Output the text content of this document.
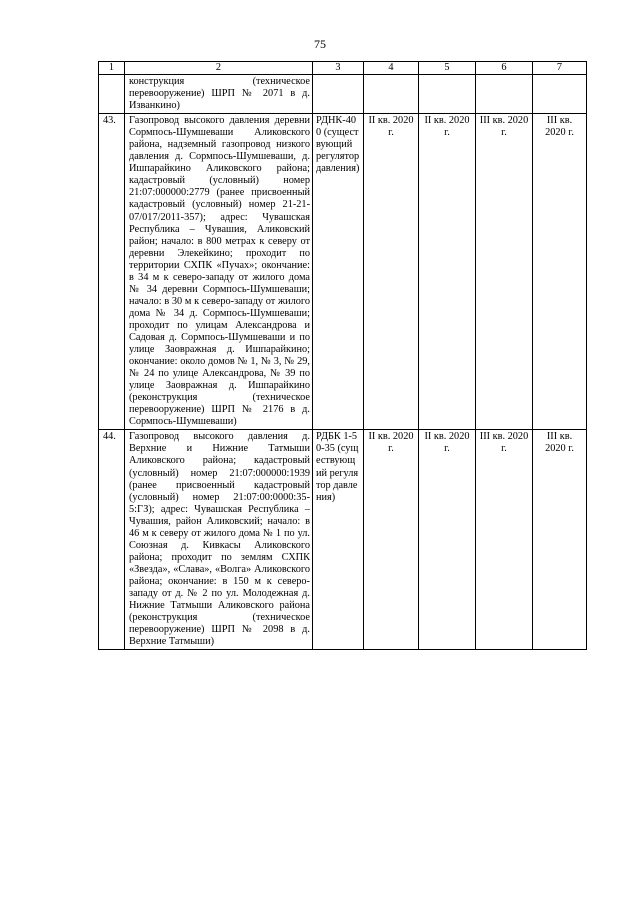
75
1	2	3	4	5	6	7
	конструкция (техническое перевооружение) ШРП № 2071 в д. Изванкино)					
43.	Газопровод высокого давления деревни Сормпось-Шумшеваши Аликовского района, надземный газопровод низкого давления д. Сормпось-Шумшеваши, д. Ишпарайкино Аликовского района; кадастровый (условный) номер 21:07:000000:2779 (ранее присвоенный кадастровый (условный) номер 21-21-07/017/2011-357); адрес: Чувашская Республика – Чувашия, Аликовский район; начало: в 800 метрах к северу от деревни Элекейкино; проходит по территории СХПК «Пучах»; окончание: в 34 м к северо-западу от жилого дома № 34 деревни Сормпось-Шумшеваши; начало: в 30 м к северо-западу от жилого дома № 34 д. Сормпось-Шумшеваши; проходит по улицам Александрова и Садовая д. Сормпось-Шумшеваши и по улице Заовражная д. Ишпарайкино; окончание: около домов № 1, № 3, № 29, № 24 по улице Александрова, № 39 по улице Заовражная д. Ишпарайкино (реконструкция (техническое перевооружение) ШРП № 2176 в д. Сормпось-Шумшеваши)	РДНК-400 (существующий регулятор давления)	II кв. 2020 г.	II кв. 2020 г.	III кв. 2020 г.	III кв. 2020 г.
44.	Газопровод высокого давления д. Верхние и Нижние Татмыши Аликовского района; кадастровый (условный) номер 21:07:000000:1939 (ранее присвоенный кадастровый (условный) номер 21:07:00:0000:35-5:ГЗ); адрес: Чувашская Республика – Чувашия, район Аликовский; начало: в 46 м к северу от жилого дома № 1 по ул. Союзная д. Кивкасы Аликовского района; проходит по землям СХПК «Звезда», «Слава», «Волга» Аликовского района; окончание: в 150 м к северо-западу от д. № 2 по ул. Молодежная д. Нижние Татмыши Аликовского района (реконструкция (техническое перевооружение) ШРП № 2098 в д. Верхние Татмыши)	РДБК 1-50-35 (существующий регулятор давления)	II кв. 2020 г.	II кв. 2020 г.	III кв. 2020 г.	III кв. 2020 г.
